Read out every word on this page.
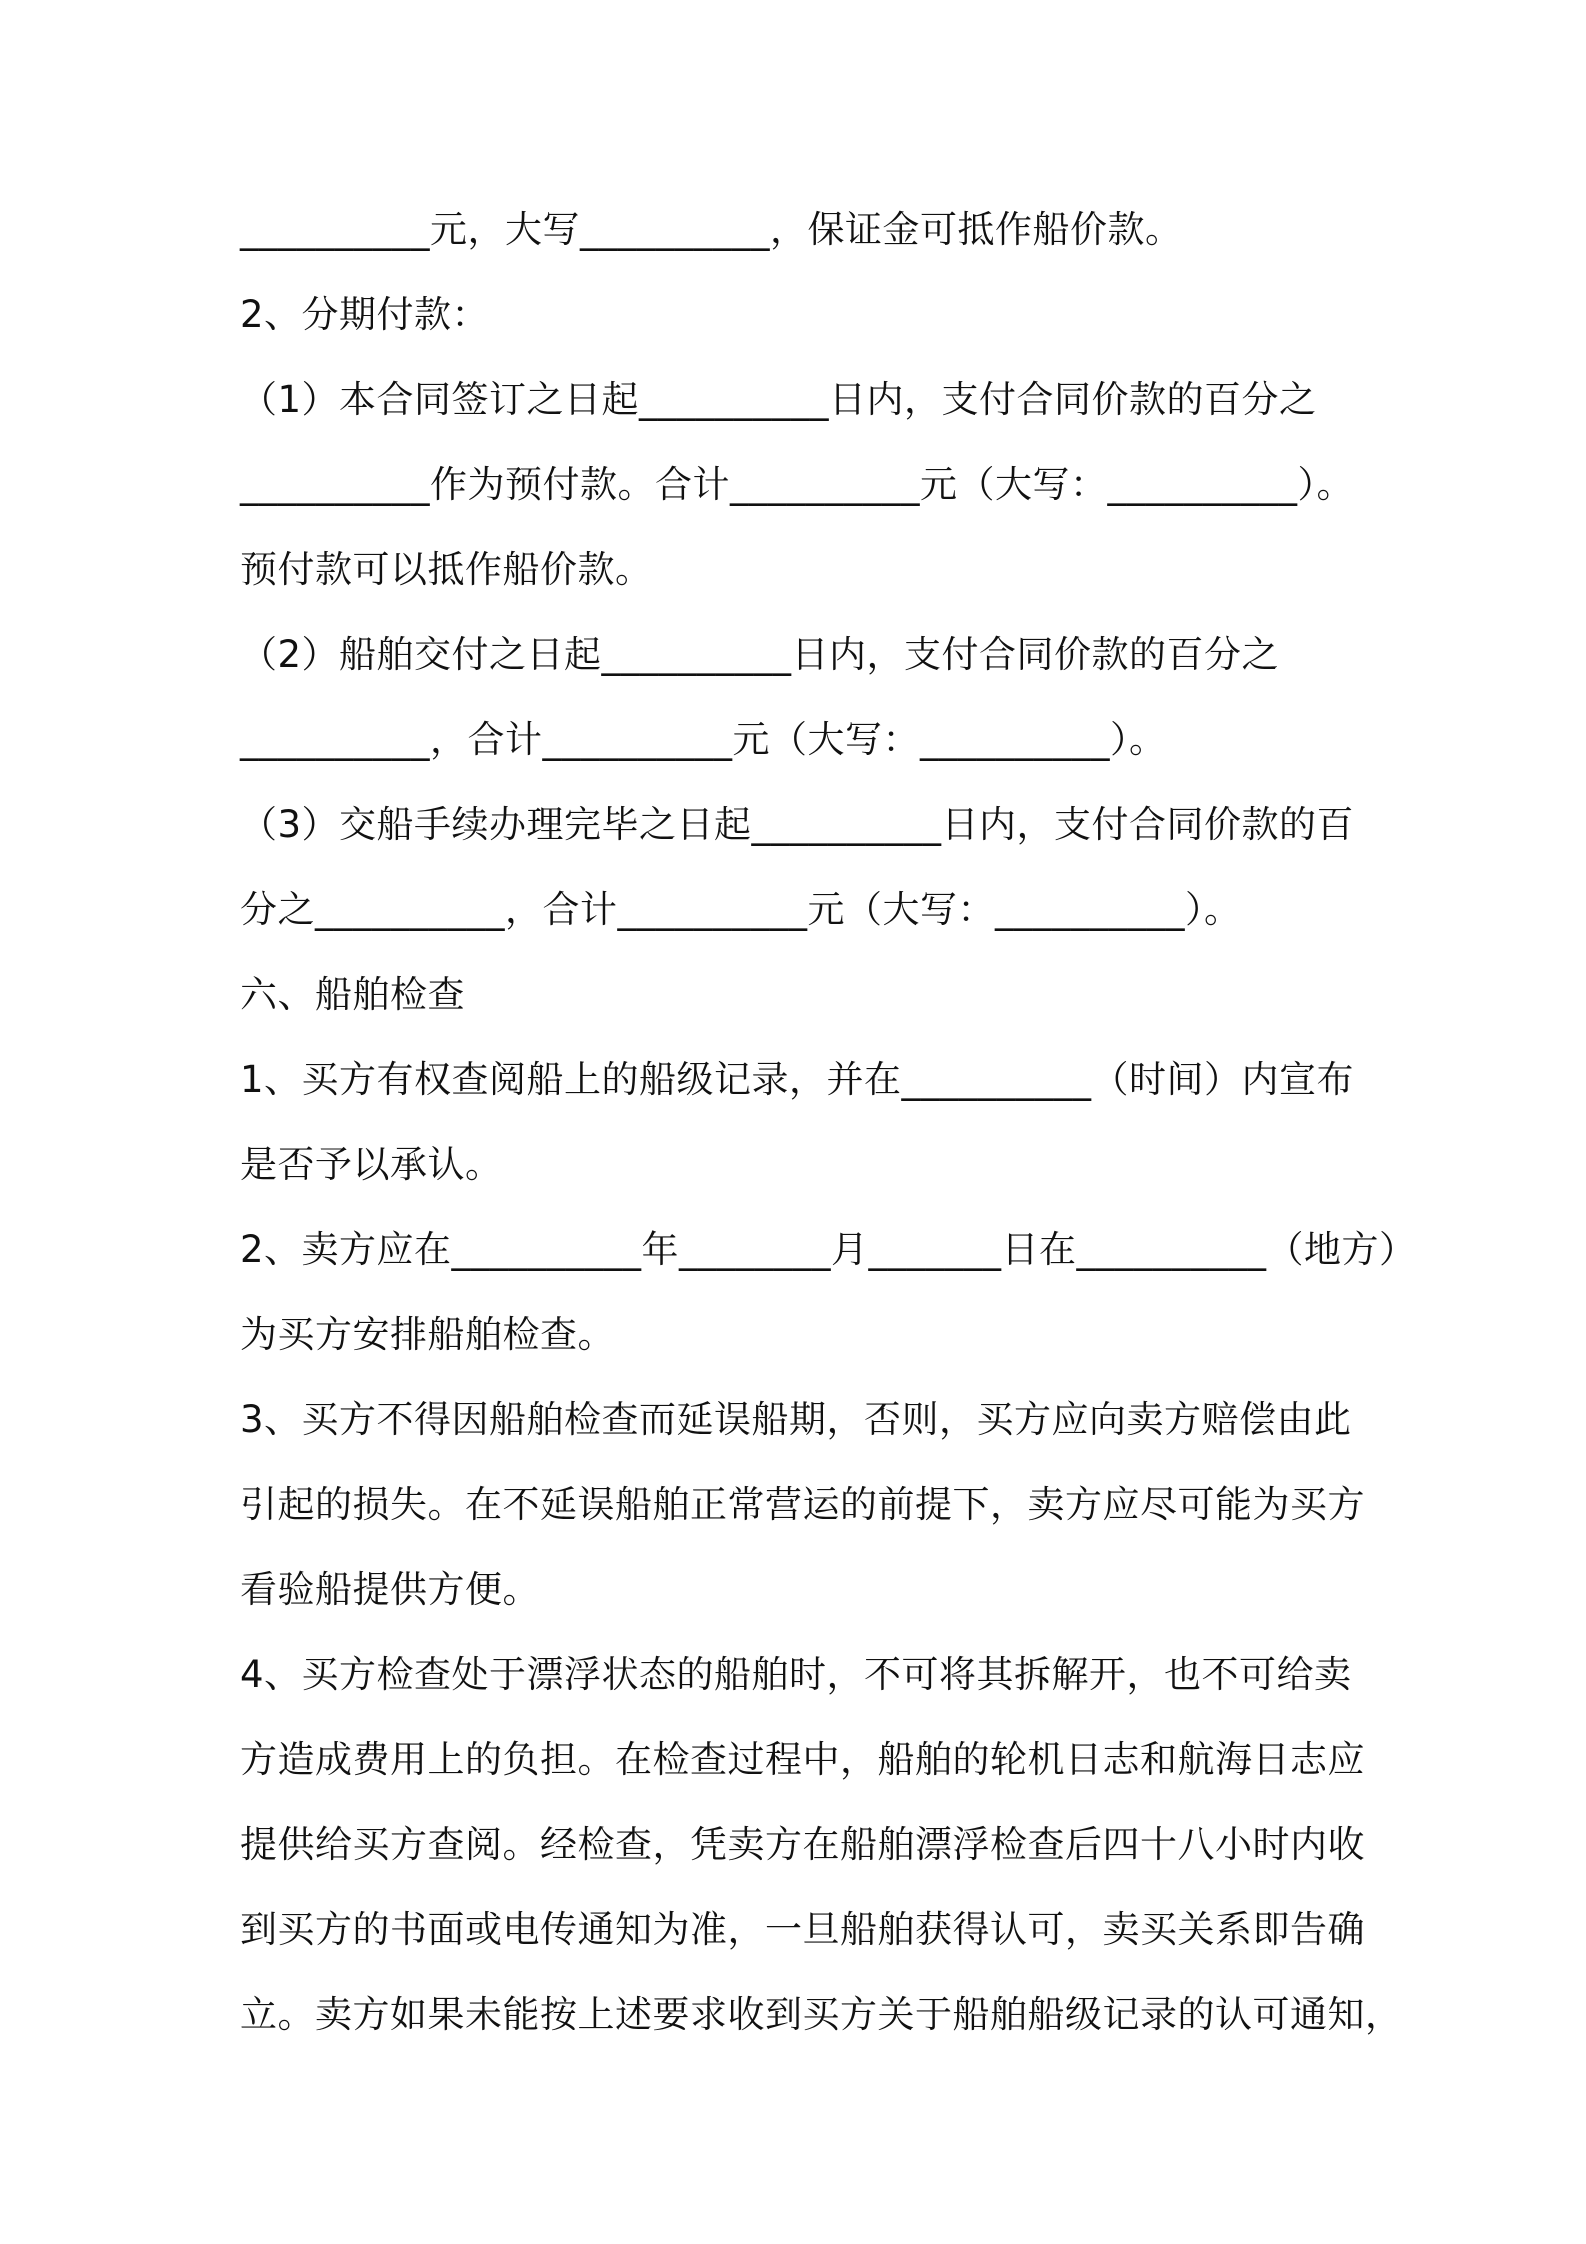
__________元，大写__________，保证金可抵作船价款。
2、分期付款：
（1）本合同签订之日起__________日内，支付合同价款的百分之
__________作为预付款。合计__________元（大写：__________）。
预付款可以抵作船价款。
（2）船舶交付之日起__________日内，支付合同价款的百分之
__________，合计__________元（大写：__________）。
（3）交船手续办理完毕之日起__________日内，支付合同价款的百
分之__________，合计__________元（大写：__________）。
六、船舶检查
1、买方有权查阅船上的船级记录，并在__________（时间）内宣布
是否予以承认。
2、卖方应在__________年________月_______日在__________（地方）
为买方安排船舶检查。
3、买方不得因船舶检查而延误船期，否则，买方应向卖方赔偿由此
引起的损失。在不延误船舶正常营运的前提下，卖方应尽可能为买方
看验船提供方便。
4、买方检查处于漂浮状态的船舶时，不可将其拆解开，也不可给卖
方造成费用上的负担。在检查过程中，船舶的轮机日志和航海日志应
提供给买方查阅。经检查，凭卖方在船舶漂浮检查后四十八小时内收
到买方的书面或电传通知为准，一旦船舶获得认可，卖买关系即告确
立。卖方如果未能按上述要求收到买方关于船舶船级记录的认可通知，
